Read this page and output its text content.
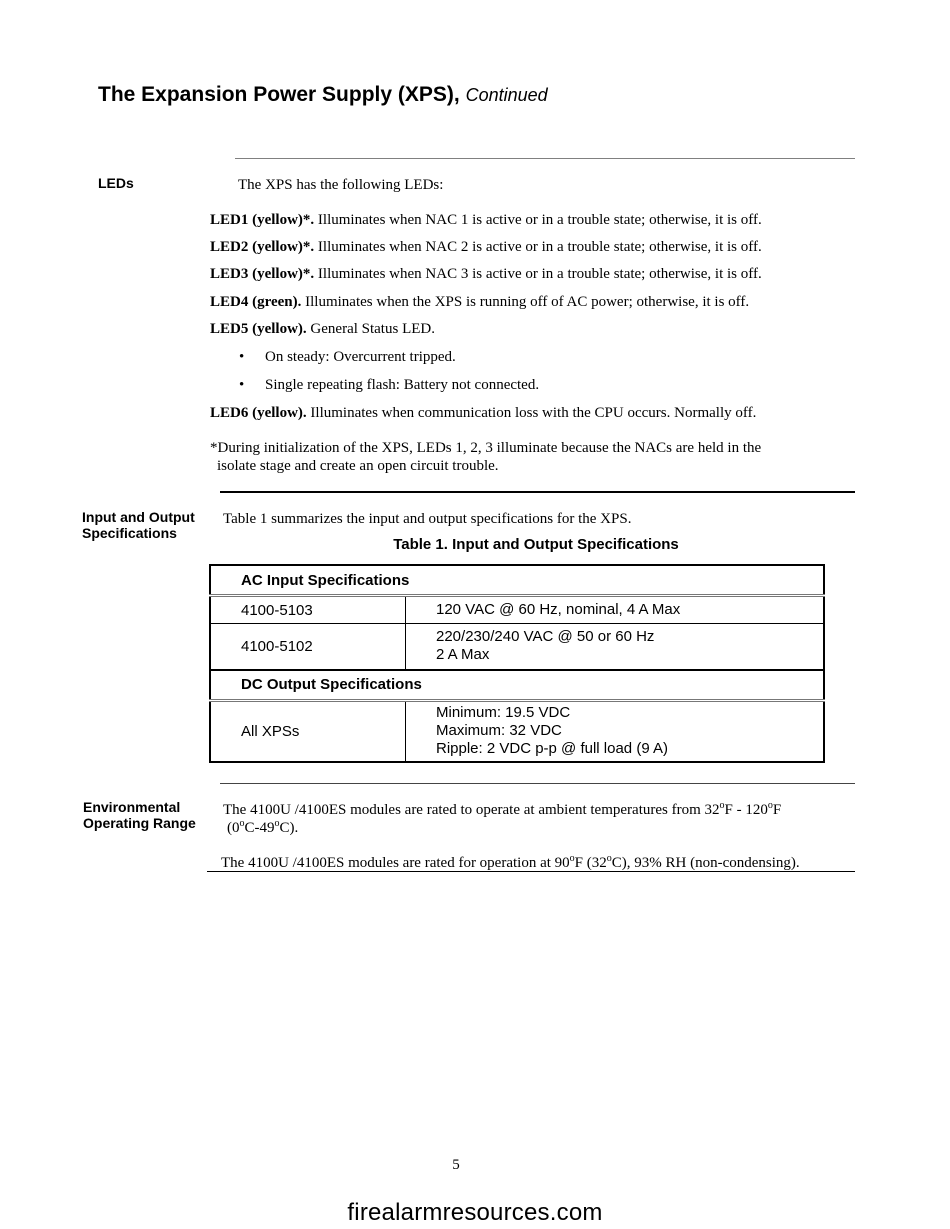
The Expansion Power Supply (XPS), Continued
LEDs	The XPS has the following LEDs:
LED1 (yellow)*. Illuminates when NAC 1 is active or in a trouble state; otherwise, it is off.
LED2 (yellow)*. Illuminates when NAC 2 is active or in a trouble state; otherwise, it is off.
LED3 (yellow)*. Illuminates when NAC 3 is active or in a trouble state; otherwise, it is off.
LED4 (green). Illuminates when the XPS is running off of AC power; otherwise, it is off.
LED5 (yellow). General Status LED.
• On steady: Overcurrent tripped.
• Single repeating flash: Battery not connected.
LED6 (yellow). Illuminates when communication loss with the CPU occurs. Normally off.
*During initialization of the XPS, LEDs 1, 2, 3 illuminate because the NACs are held in the
isolate stage and create an open circuit trouble.
Input and Output
Specifications
Table 1 summarizes the input and output specifications for the XPS.
Table 1. Input and Output Specifications
AC Input Specifications	
4100-5103	120 VAC @ 60 Hz, nominal, 4 A Max
4100-5102	220/230/240 VAC @ 50 or 60 Hz
2 A Max

DC Output Specifications	
All XPSs	Minimum: 19.5 VDC
Maximum: 32 VDC
Ripple: 2 VDC p-p @ full load (9 A)
Environmental
Operating Range
The 4100U /4100ES modules are rated to operate at ambient temperatures from 32$^o$F - 120$^o$F
(0$^o$C-49$^o$C).
The 4100U /4100ES modules are rated for operation at 90$^o$F (32$^o$C), 93% RH (non-condensing).
5
firealarmresources.com
